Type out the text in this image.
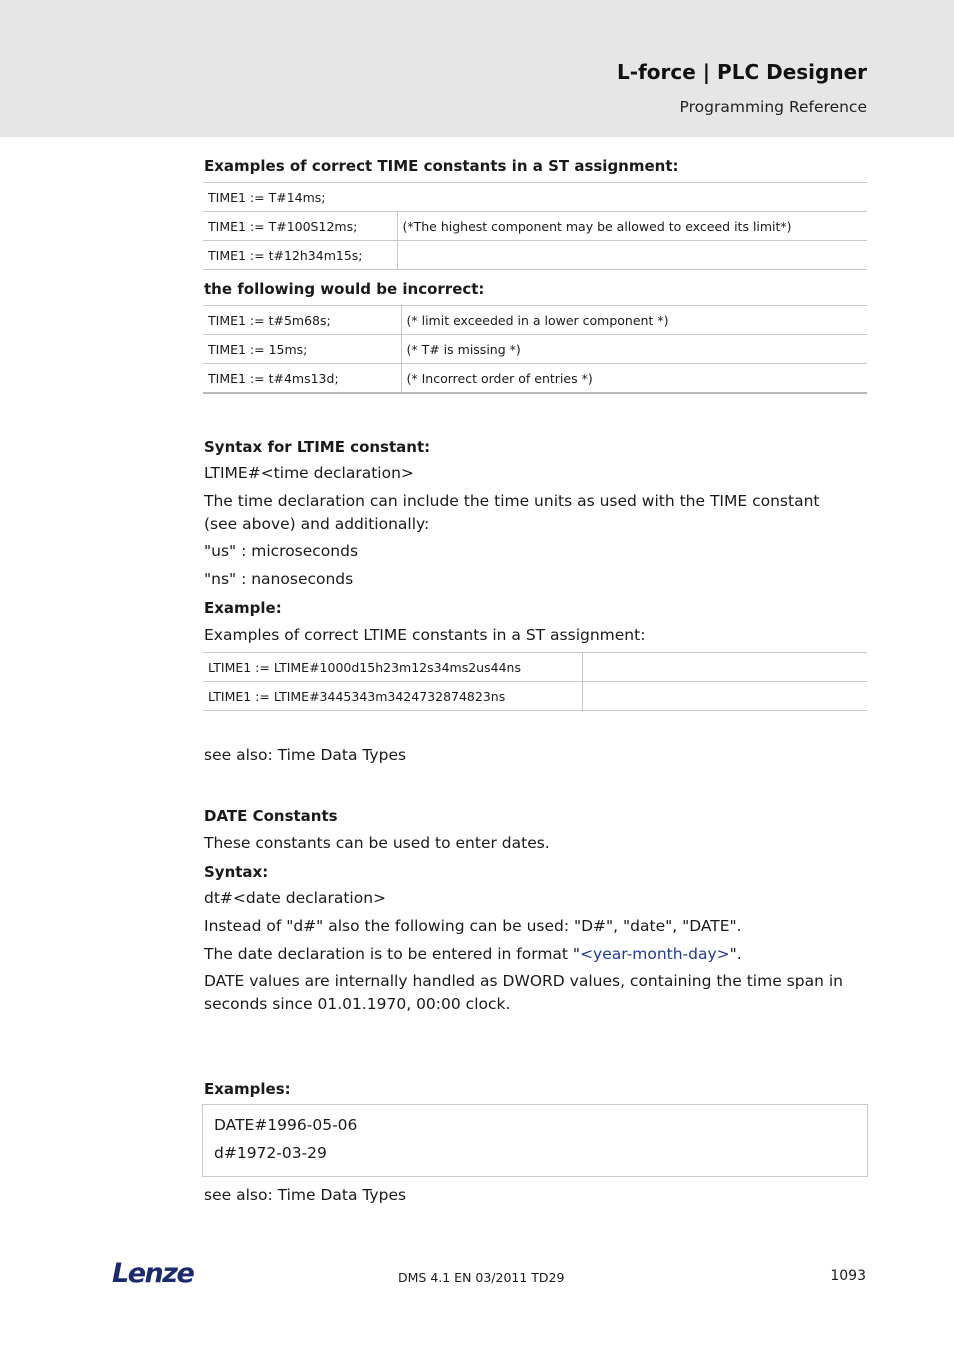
L-force | PLC Designer
Programming Reference
Examples of correct TIME constants in a ST assignment:
TIME1 := T#14ms;	
TIME1 := T#100S12ms;	(*The highest component may be allowed to exceed its limit*)
TIME1 := t#12h34m15s;	
the following would be incorrect:
TIME1 := t#5m68s;	(* limit exceeded in a lower component *)
TIME1 := 15ms;	(* T# is missing *)
TIME1 := t#4ms13d;	(* Incorrect order of entries *)
Syntax for LTIME constant:
LTIME#<time declaration>
The time declaration can include the time units as used with the TIME constant (see above) and additionally:
"us" : microseconds
"ns" : nanoseconds
Example:
Examples of correct LTIME constants in a ST assignment:
LTIME1 := LTIME#1000d15h23m12s34ms2us44ns	
LTIME1 := LTIME#3445343m3424732874823ns	
see also: Time Data Types
DATE Constants
These constants can be used to enter dates.
Syntax:
dt#<date declaration>
Instead of "d#" also the following can be used: "D#", "date", "DATE".
The date declaration is to be entered in format "<year-month-day>".
DATE values are internally handled as DWORD values, containing the time span in seconds since 01.01.1970, 00:00 clock.
Examples:
DATE#1996-05-06
d#1972-03-29
see also: Time Data Types
Lenze	DMS 4.1 EN 03/2011 TD29	1093
